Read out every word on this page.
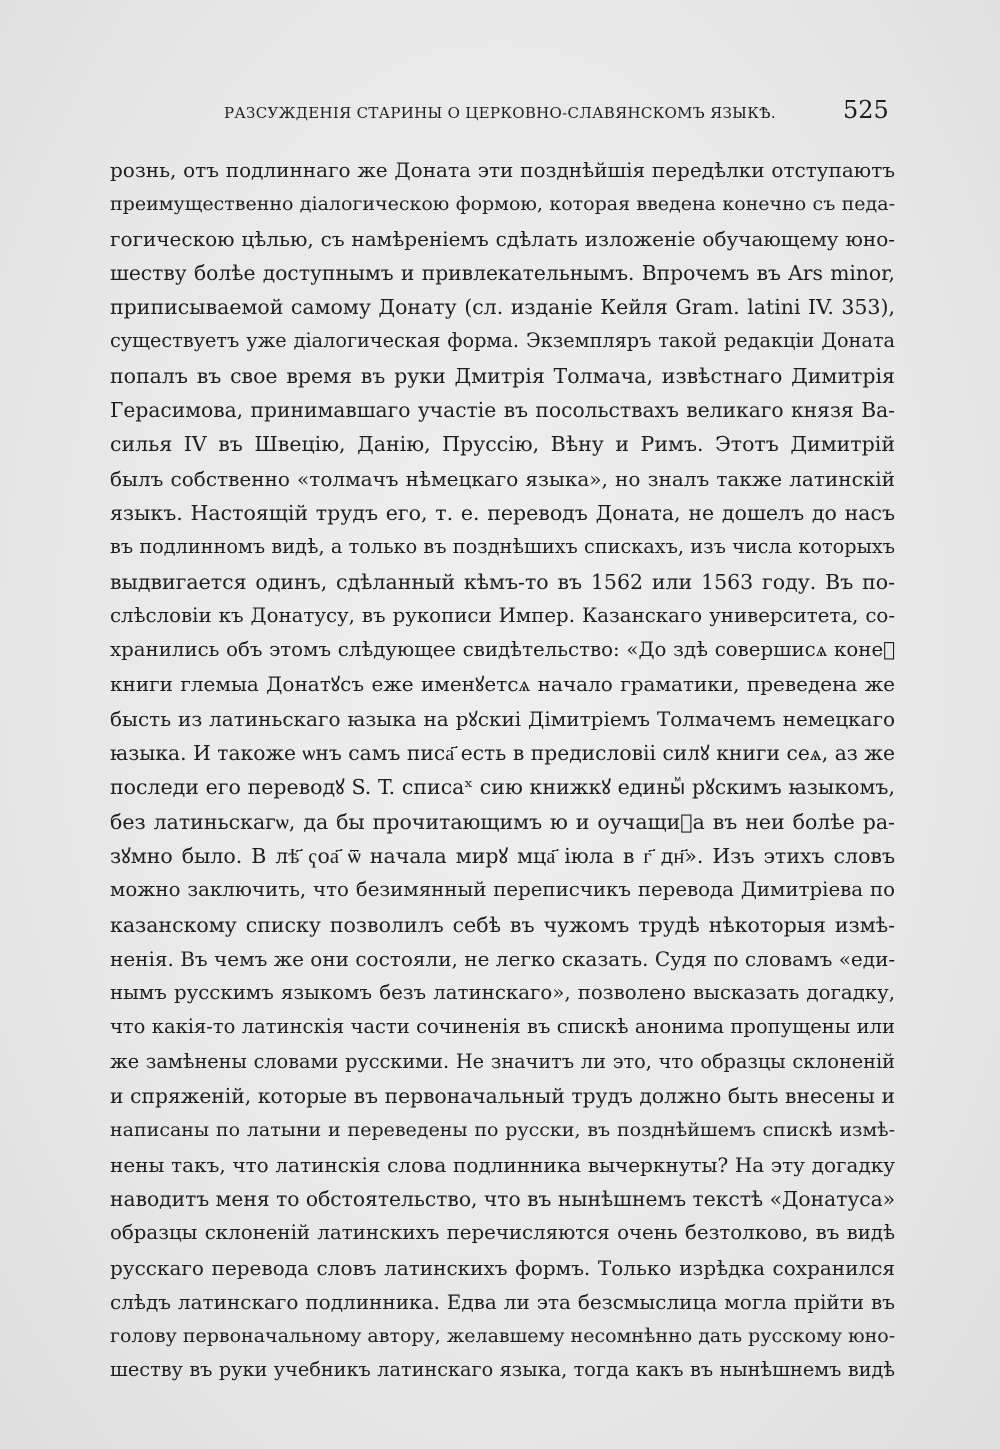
РАЗСУЖДЕНІЯ СТАРИНЫ О ЦЕРКОВНО-СЛАВЯНСКОМЪ ЯЗЫКѢ.	525
рознь, отъ подлиннаго же Доната эти позднѣйшія передѣлки отступаютъ
преимущественно діалогическою формою, которая введена конечно съ педа-
гогическою цѣлью, съ намѣреніемъ сдѣлать изложеніе обучающему юно-
шеству болѣе доступнымъ и привлекательнымъ. Впрочемъ въ Ars minor,
приписываемой самому Донату (сл. изданіе Кейля Gram. latini IV. 353),
существуетъ уже діалогическая форма. Экземпляръ такой редакціи Доната
попалъ въ свое время въ руки Дмитрія Толмача, извѣстнаго Димитрія
Герасимова, принимавшаго участіе въ посольствахъ великаго князя Ва-
силья IV въ Швецію, Данію, Пруссію, Вѣну и Римъ. Этотъ Димитрій
былъ собственно «толмачъ нѣмецкаго языка», но зналъ также латинскій
языкъ. Настоящій трудъ его, т. е. переводъ Доната, не дошелъ до насъ
въ подлинномъ видѣ, а только въ позднѣшихъ спискахъ, изъ числа которыхъ
выдвигается одинъ, сдѣланный кѣмъ-то въ 1562 или 1563 году. Въ по-
слѣсловіи къ Донатусу, въ рукописи Импер. Казанскаго университета, со-
хранились объ этомъ слѣдующее свидѣтельство: «До здѣ совершисѧ конеⷰ
книги глемыа Донатꙋсъ еже именꙋетсѧ начало граматики, преведена же
бысть из латиньскаго ꙗзыка на рꙋскиі Дімитріемъ Толмачемъ немецкаго
ꙗзыка. И такоже ѡнъ самъ писа҃ есть в предисловіі силꙋ книги сеѧ, аз же
последи его переводꙋ S. T. списаˣ сию книжкꙋ единыⷨ рꙋскимъ ꙗзыкомъ,
без латиньскагѡ, да бы прочитающимъ ю и оучащиⷭа въ неи болѣе ра-
зꙋмно было. В лѣ҃ ҁоа҃ ѿ начала мирꙋ мца҃ іюла в г҃ дн҃». Изъ этихъ словъ
можно заключить, что безимянный переписчикъ перевода Димитріева по
казанскому списку позволилъ себѣ въ чужомъ трудѣ нѣкоторыя измѣ-
ненія. Въ чемъ же они состояли, не легко сказать. Судя по словамъ «еди-
нымъ русскимъ языкомъ безъ латинскаго», позволено высказать догадку,
что какія-то латинскія части сочиненія въ спискѣ анонима пропущены или
же замѣнены словами русскими. Не значитъ ли это, что образцы склоненій
и спряженій, которые въ первоначальный трудъ должно быть внесены и
написаны по латыни и переведены по русски, въ позднѣйшемъ спискѣ измѣ-
нены такъ, что латинскія слова подлинника вычеркнуты? На эту догадку
наводитъ меня то обстоятельство, что въ нынѣшнемъ текстѣ «Донатуса»
образцы склоненій латинскихъ перечисляются очень безтолково, въ видѣ
русскаго перевода словъ латинскихъ формъ. Только изрѣдка сохранился
слѣдъ латинскаго подлинника. Едва ли эта безсмыслица могла прійти въ
голову первоначальному автору, желавшему несомнѣнно дать русскому юно-
шеству въ руки учебникъ латинскаго языка, тогда какъ въ нынѣшнемъ видѣ
